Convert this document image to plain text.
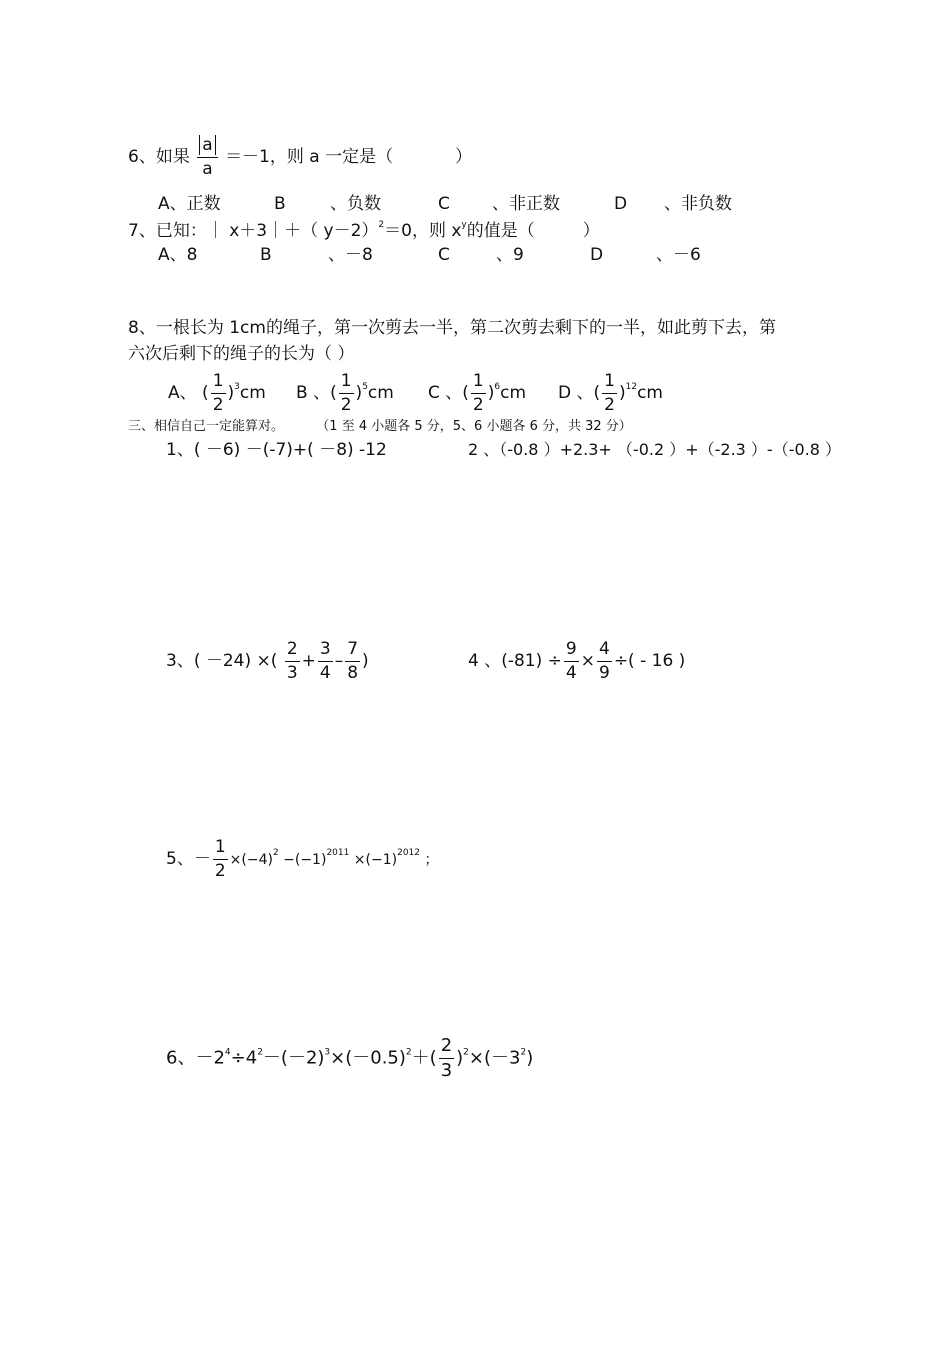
6、如果 $\frac{a}{a} =-1$，则 a 一定是（	）
A、正数	B	、负数	C 、非正数	D 、非负数
7、已知：｜ x＋3｜＋（ y－2）$^2$＝0，则 $x^y$的值是（	）
A、8	B	、－8	C	、9	D	、－6
8、一根长为 1cm的绳子，第一次剪去一半，第二次剪去剩下的一半，如此剪下去，第
六次后剩下的绳子的长为（ ）
A、 ( $\frac{1}{2} )^3cm$ B 、( $\frac{1}{2} )^5cm$ C 、( $\frac{1}{2} )^6cm$ D 、( $\frac{1}{2} )^{12}cm$
三、相信自己一定能算对。 （1 至 4 小题各 5 分，5、6 小题各 6 分，共 32 分）
1、( －6) －(-7)+( －8) -12	2 、（-0.8 ）+2.3+ （-0.2 ）+（-2.3 ）-（-0.8 ）
3、( －24) ×( $\frac{2}{3} + \frac{3}{4} - \frac{7}{8}$ )	4 、$(-81) \div \frac{9}{4} \times \frac{4}{9}$ ÷( - 16 )
5、－ $\frac{1}{2} \times(-4)^2 -(-1)^{2011} \times(-1)^{2012}$ ；
6、$-2^4\div 4^2-(-2)^3\times(-0.5)^2+( \frac{2}{3} )^2\times(-3^2)$
